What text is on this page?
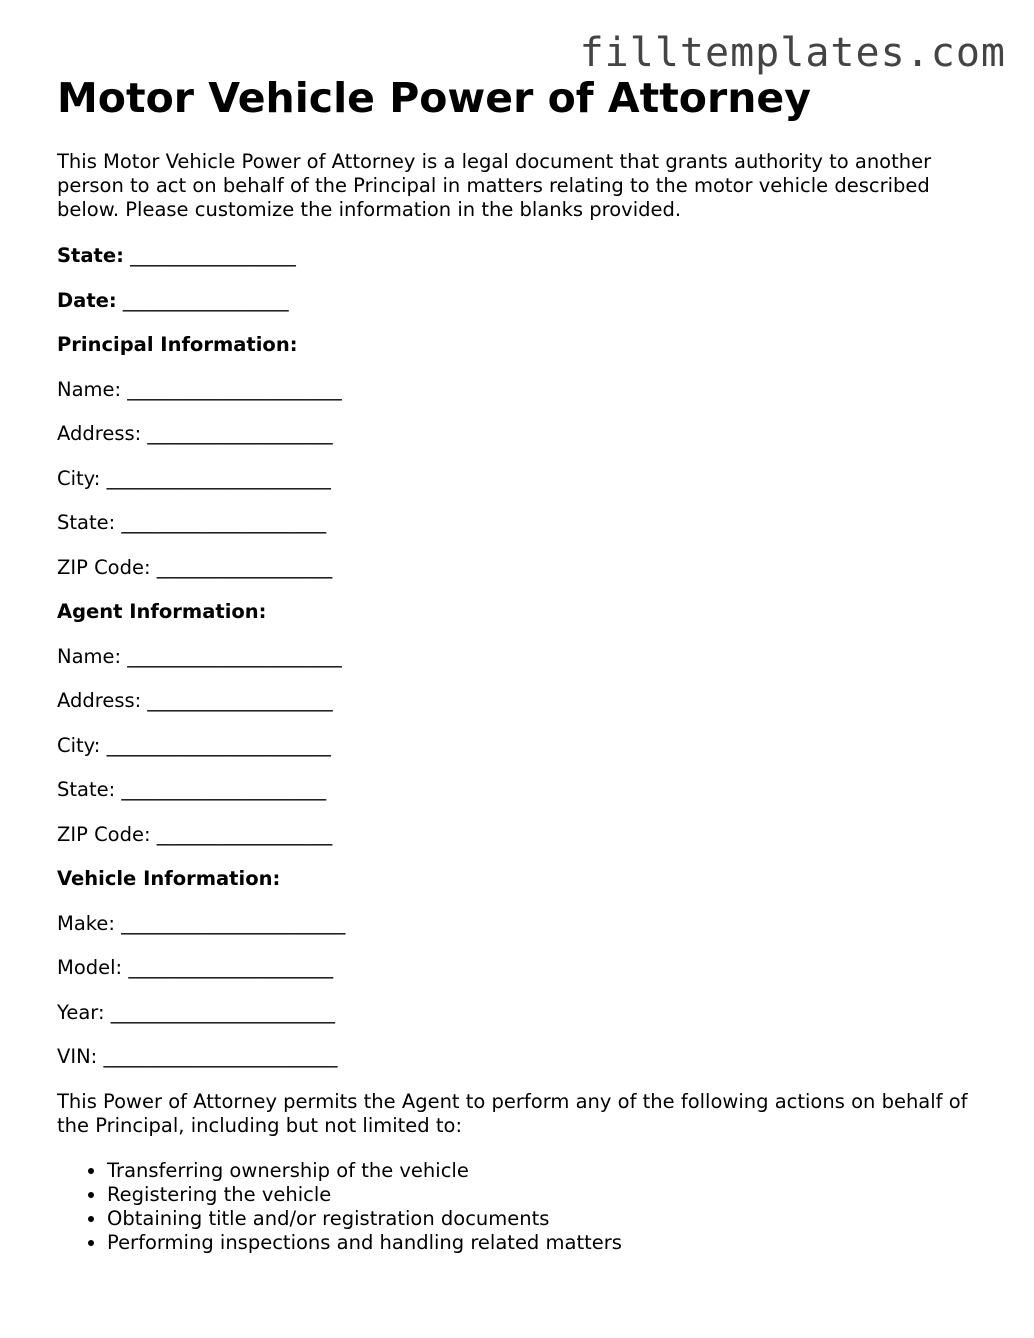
filltemplates.com
Motor Vehicle Power of Attorney

This Motor Vehicle Power of Attorney is a legal document that grants authority to another person to act on behalf of the Principal in matters relating to the motor vehicle described below. Please customize the information in the blanks provided.

State: _________________
Date: _________________
Principal Information:
Name: ______________________
Address: ___________________
City: _______________________
State: _____________________
ZIP Code: __________________
Agent Information:
Name: ______________________
Address: ___________________
City: _______________________
State: _____________________
ZIP Code: __________________
Vehicle Information:
Make: _______________________
Model: _____________________
Year: _______________________
VIN: ________________________

This Power of Attorney permits the Agent to perform any of the following actions on behalf of the Principal, including but not limited to:

• Transferring ownership of the vehicle
• Registering the vehicle
• Obtaining title and/or registration documents
• Performing inspections and handling related matters
